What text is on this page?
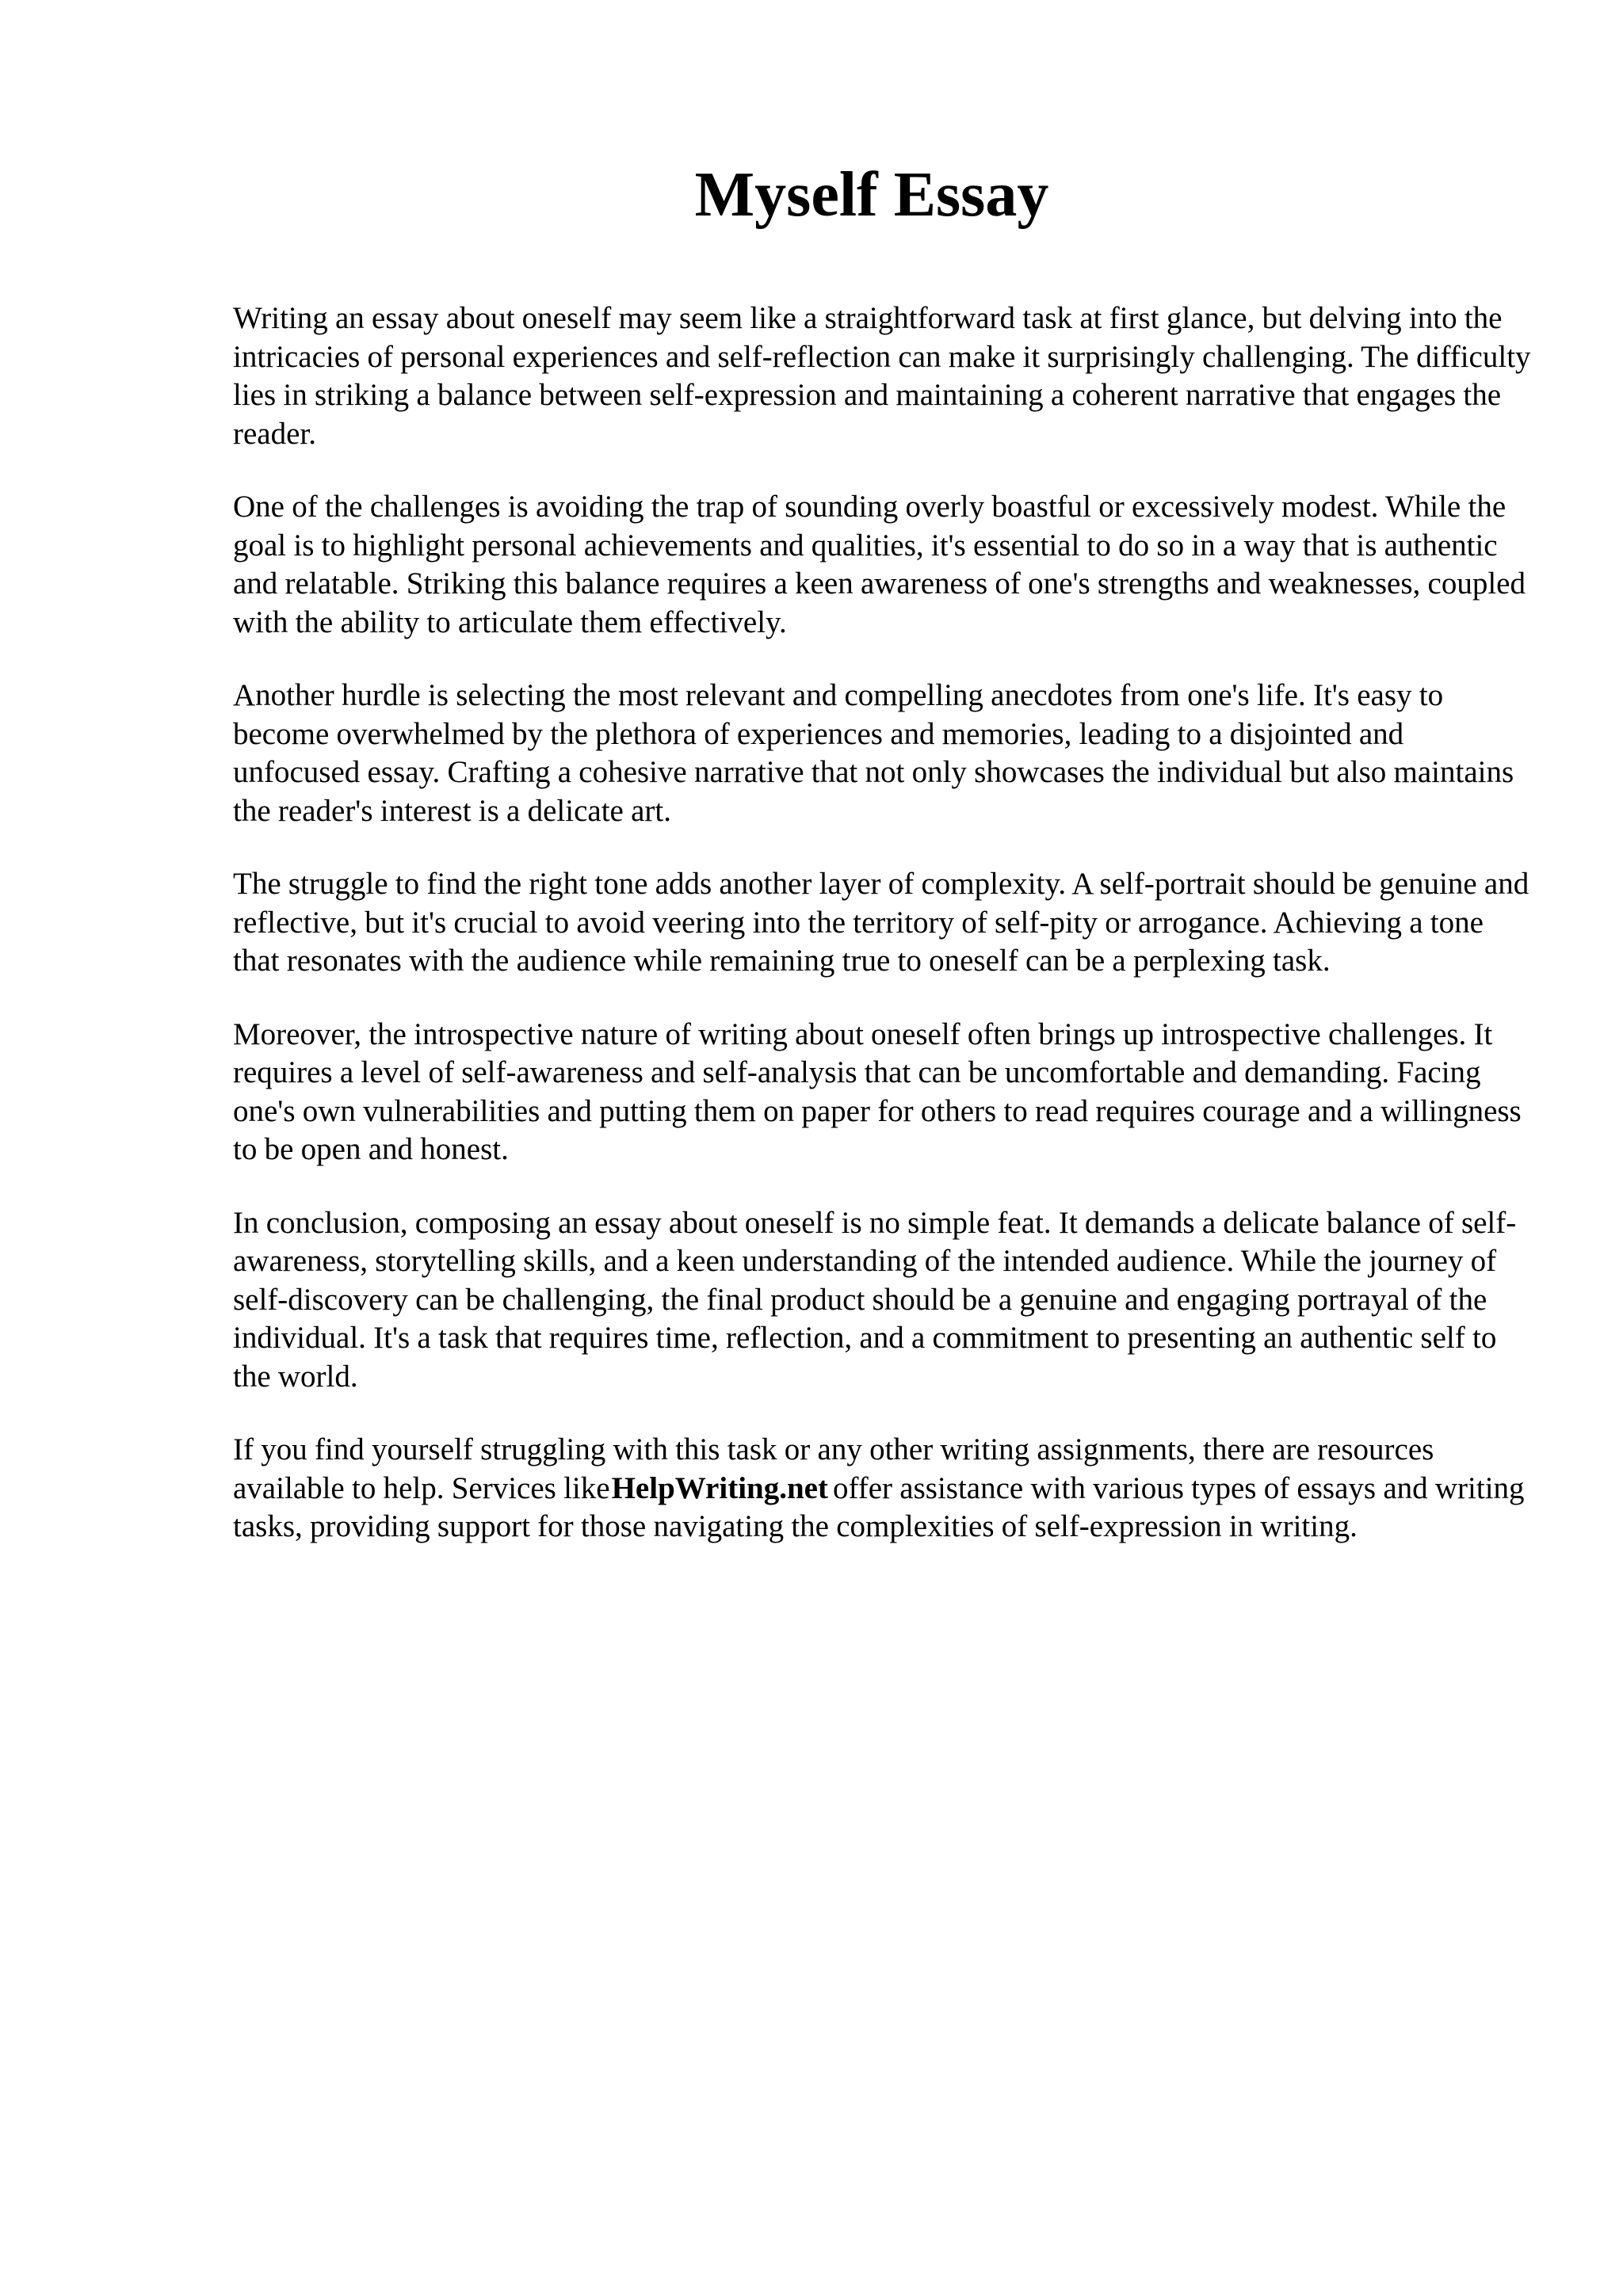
Myself Essay

Writing an essay about oneself may seem like a straightforward task at first glance, but delving into the intricacies of personal experiences and self-reflection can make it surprisingly challenging. The difficulty lies in striking a balance between self-expression and maintaining a coherent narrative that engages the reader.

One of the challenges is avoiding the trap of sounding overly boastful or excessively modest. While the goal is to highlight personal achievements and qualities, it's essential to do so in a way that is authentic and relatable. Striking this balance requires a keen awareness of one's strengths and weaknesses, coupled with the ability to articulate them effectively.

Another hurdle is selecting the most relevant and compelling anecdotes from one's life. It's easy to become overwhelmed by the plethora of experiences and memories, leading to a disjointed and unfocused essay. Crafting a cohesive narrative that not only showcases the individual but also maintains the reader's interest is a delicate art.

The struggle to find the right tone adds another layer of complexity. A self-portrait should be genuine and reflective, but it's crucial to avoid veering into the territory of self-pity or arrogance. Achieving a tone that resonates with the audience while remaining true to oneself can be a perplexing task.

Moreover, the introspective nature of writing about oneself often brings up introspective challenges. It requires a level of self-awareness and self-analysis that can be uncomfortable and demanding. Facing one's own vulnerabilities and putting them on paper for others to read requires courage and a willingness to be open and honest.

In conclusion, composing an essay about oneself is no simple feat. It demands a delicate balance of self-awareness, storytelling skills, and a keen understanding of the intended audience. While the journey of self-discovery can be challenging, the final product should be a genuine and engaging portrayal of the individual. It's a task that requires time, reflection, and a commitment to presenting an authentic self to the world.

If you find yourself struggling with this task or any other writing assignments, there are resources available to help. Services likeHelpWriting.net offer assistance with various types of essays and writing tasks, providing support for those navigating the complexities of self-expression in writing.
